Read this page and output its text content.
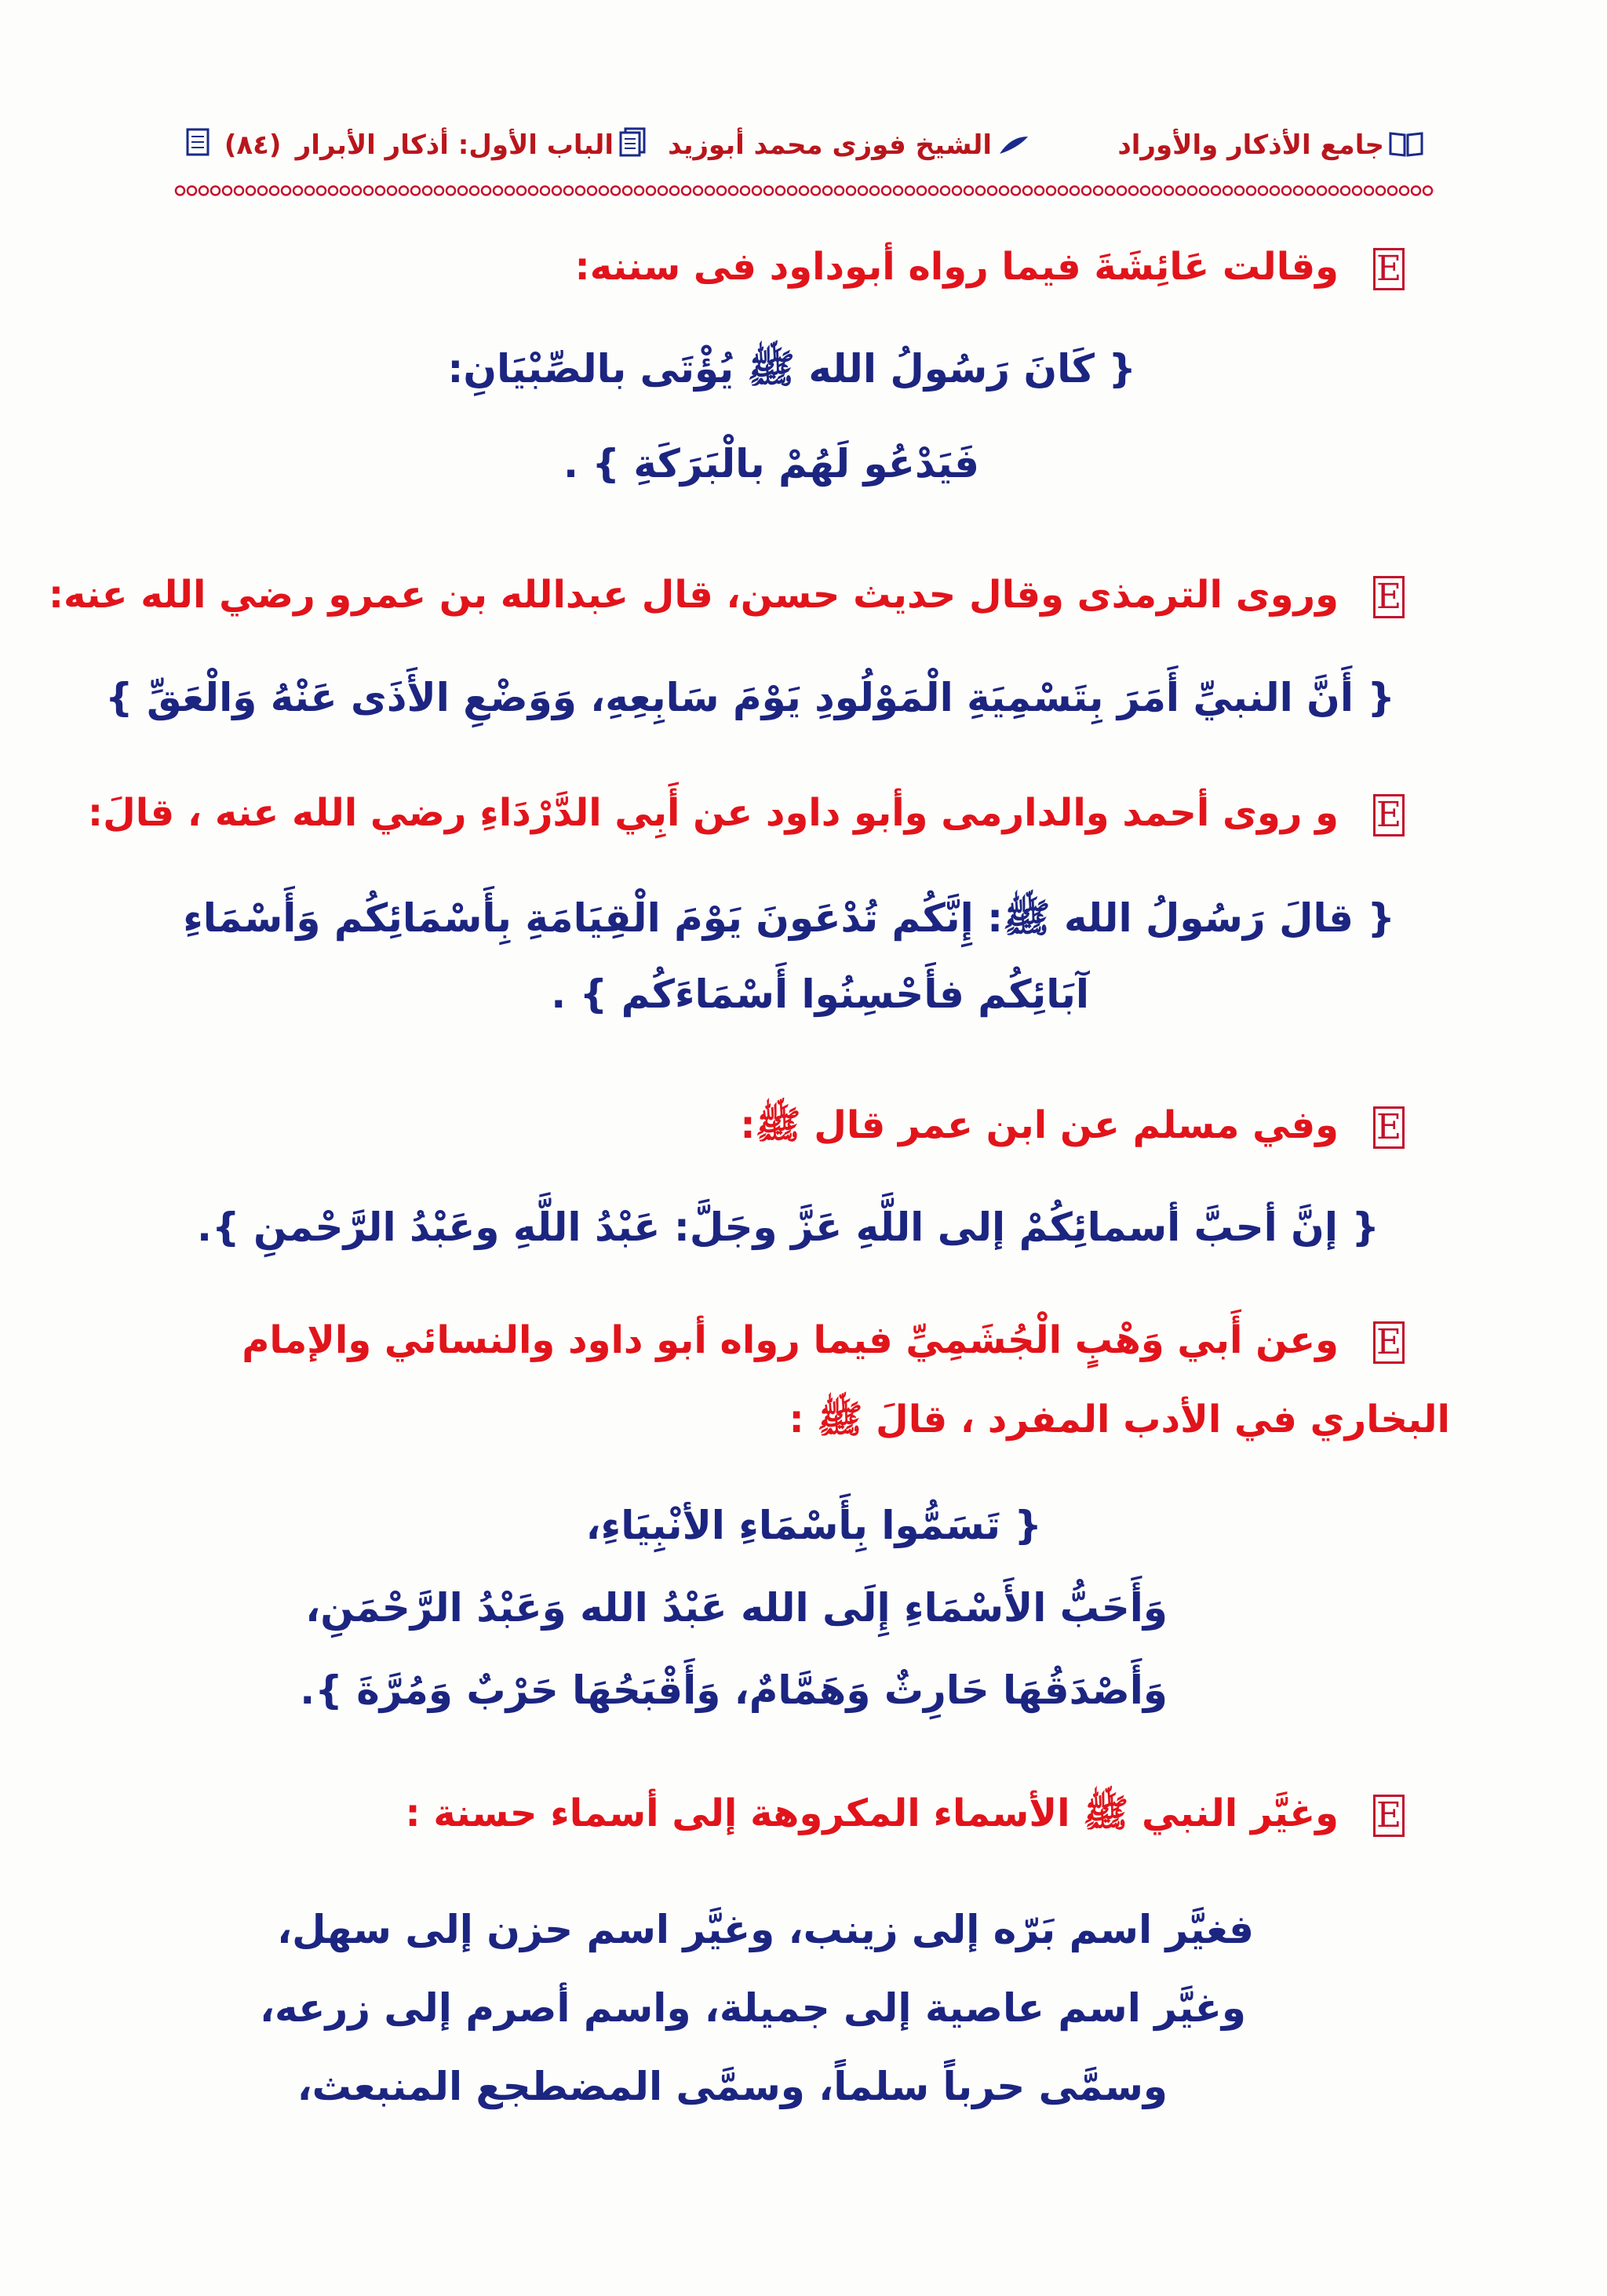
جامع الأذكار والأوراد
الشيخ فوزى محمد أبوزيد
الباب الأول: أذكار الأبرار
(٨٤)
Eوقالت عَائِشَةَ فيما رواه أبوداود فى سننه:
{ كَانَ رَسُولُ الله ﷺ يُؤْتَى بالصِّبْيَانِ:
فَيَدْعُو لَهُمْ بالْبَرَكَةِ } .
Eوروى الترمذى وقال حديث حسن، قال عبدالله بن عمرو رضي الله عنه:
{ أَنَّ النبيِّ أَمَرَ بِتَسْمِيَةِ الْمَوْلُودِ يَوْمَ سَابِعِهِ، وَوَضْعِ الأَذَى عَنْهُ وَالْعَقِّ }
Eو روى أحمد والدارمى وأبو داود عن أَبِي الدَّرْدَاءِ رضي الله عنه ، قالَ:
{ قالَ رَسُولُ الله ﷺ: إِنَّكُم تُدْعَونَ يَوْمَ الْقِيَامَةِ بِأَسْمَائِكُم وَأَسْمَاءِ
آبَائِكُم فأَحْسِنُوا أَسْمَاءَكُم } .
Eوفي مسلم عن ابن عمر قال ﷺ:
{ إنَّ أحبَّ أسمائِكُمْ إلى اللَّهِ عَزَّ وجَلَّ: عَبْدُ اللَّهِ وعَبْدُ الرَّحْمنِ }.
Eوعن أَبي وَهْبٍ الْجُشَمِيِّ فيما رواه أبو داود والنسائي والإمام
البخاري في الأدب المفرد ، قالَ ﷺ :
{ تَسَمُّوا بِأَسْمَاءِ الأنْبِيَاءِ،
وَأَحَبُّ الأَسْمَاءِ إِلَى الله عَبْدُ الله وَعَبْدُ الرَّحْمَنِ،
وَأَصْدَقُهَا حَارِثٌ وَهَمَّامٌ، وَأَقْبَحُهَا حَرْبٌ وَمُرَّةَ }.
Eوغيَّر النبي ﷺ الأسماء المكروهة إلى أسماء حسنة :
فغيَّر اسم بَرّه إلى زينب، وغيَّر اسم حزن إلى سهل،
وغيَّر اسم عاصية إلى جميلة، واسم أصرم إلى زرعه،
وسمَّى حرباً سلماً، وسمَّى المضطجع المنبعث،
